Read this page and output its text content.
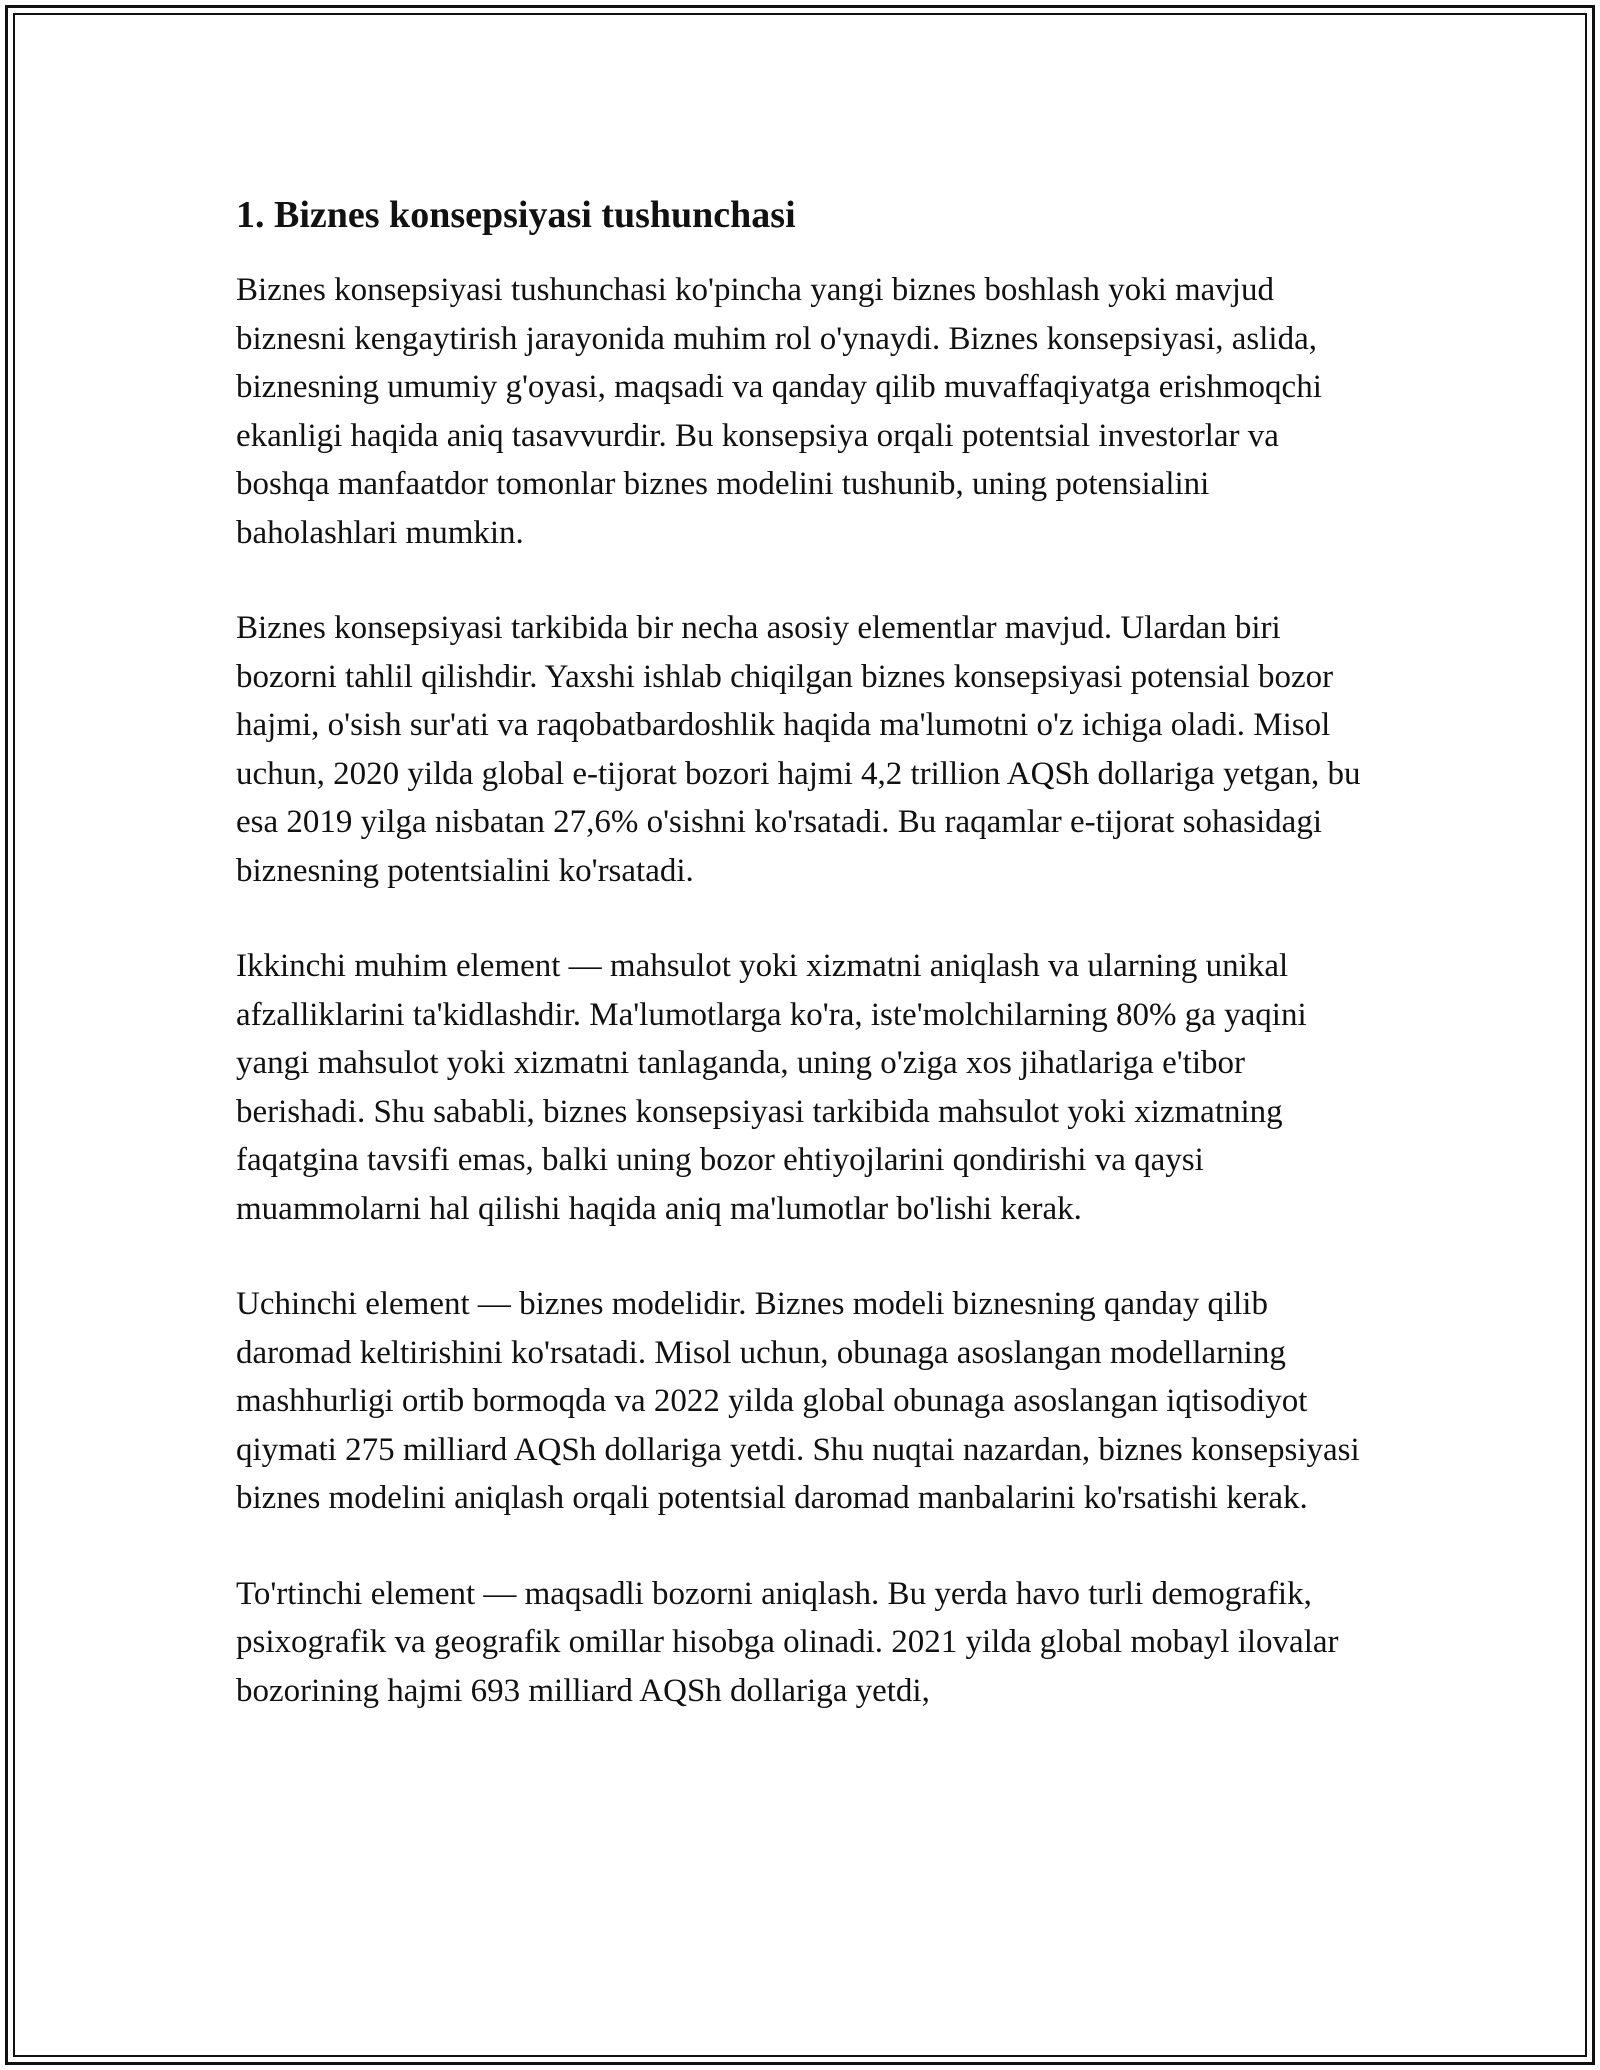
1. Biznes konsepsiyasi tushunchasi

Biznes konsepsiyasi tushunchasi ko'pincha yangi biznes boshlash yoki mavjud biznesni kengaytirish jarayonida muhim rol o'ynaydi. Biznes konsepsiyasi, aslida, biznesning umumiy g'oyasi, maqsadi va qanday qilib muvaffaqiyatga erishmoqchi ekanligi haqida aniq tasavvurdir. Bu konsepsiya orqali potentsial investorlar va boshqa manfaatdor tomonlar biznes modelini tushunib, uning potensialini baholashlari mumkin.

Biznes konsepsiyasi tarkibida bir necha asosiy elementlar mavjud. Ulardan biri bozorni tahlil qilishdir. Yaxshi ishlab chiqilgan biznes konsepsiyasi potensial bozor hajmi, o'sish sur'ati va raqobatbardoshlik haqida ma'lumotni o'z ichiga oladi. Misol uchun, 2020 yilda global e-tijorat bozori hajmi 4,2 trillion AQSh dollariga yetgan, bu esa 2019 yilga nisbatan 27,6% o'sishni ko'rsatadi. Bu raqamlar e-tijorat sohasidagi biznesning potentsialini ko'rsatadi.

Ikkinchi muhim element — mahsulot yoki xizmatni aniqlash va ularning unikal afzalliklarini ta'kidlashdir. Ma'lumotlarga ko'ra, iste'molchilarning 80% ga yaqini yangi mahsulot yoki xizmatni tanlaganda, uning o'ziga xos jihatlariga e'tibor berishadi. Shu sababli, biznes konsepsiyasi tarkibida mahsulot yoki xizmatning faqatgina tavsifi emas, balki uning bozor ehtiyojlarini qondirishi va qaysi muammolarni hal qilishi haqida aniq ma'lumotlar bo'lishi kerak.

Uchinchi element — biznes modelidir. Biznes modeli biznesning qanday qilib daromad keltirishini ko'rsatadi. Misol uchun, obunaga asoslangan modellarning mashhurligi ortib bormoqda va 2022 yilda global obunaga asoslangan iqtisodiyot qiymati 275 milliard AQSh dollariga yetdi. Shu nuqtai nazardan, biznes konsepsiyasi biznes modelini aniqlash orqali potentsial daromad manbalarini ko'rsatishi kerak.

To'rtinchi element — maqsadli bozorni aniqlash. Bu yerda havo turli demografik, psixografik va geografik omillar hisobga olinadi. 2021 yilda global mobayl ilovalar bozorining hajmi 693 milliard AQSh dollariga yetdi,
